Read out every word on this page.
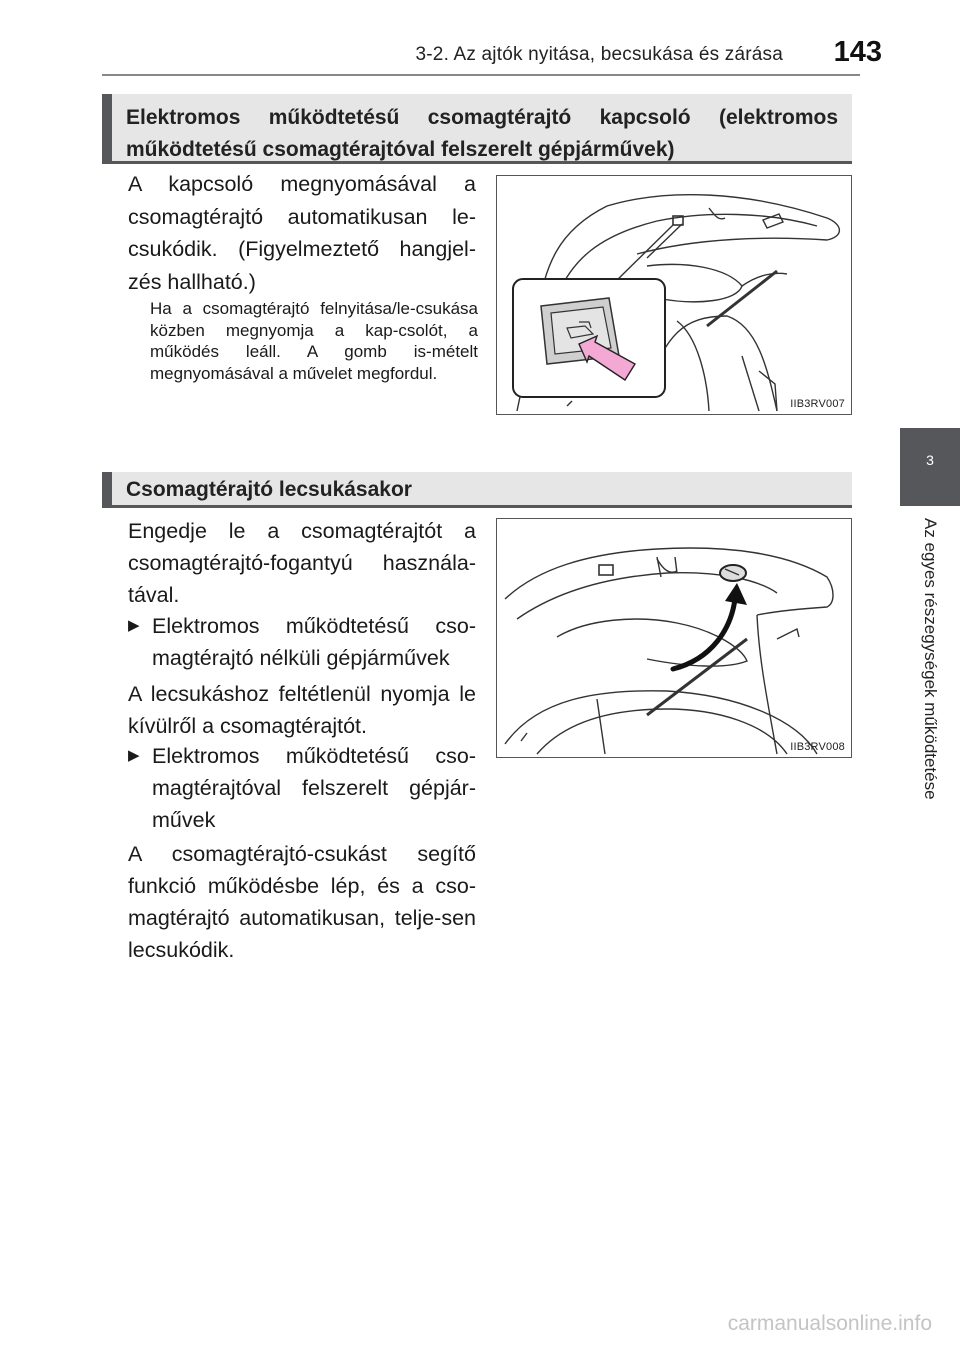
3-2. Az ajtók nyitása, becsukása és zárása	143
3
Az egyes részegységek működtetése
Elektromos működtetésű csomagtérajtó kapcsoló (elektromos működtetésű csomagtérajtóval felszerelt gépjárművek)
A kapcsoló megnyomásával a csomagtérajtó automatikusan le-csukódik. (Figyelmeztető hangjel-zés hallható.)
Ha a csomagtérajtó felnyitása/le-csukása közben megnyomja a kap-csolót, a működés leáll. A gomb is-mételt megnyomásával a művelet megfordul.
IIB3RV007
Csomagtérajtó lecsukásakor
Engedje le a csomagtérajtót a csomagtérajtó-fogantyú használa-tával.
▶ Elektromos működtetésű cso-magtérajtó nélküli gépjárművek
A lecsukáshoz feltétlenül nyomja le kívülről a csomagtérajtót.
▶ Elektromos működtetésű cso-magtérajtóval felszerelt gépjár-művek
A csomagtérajtó-csukást segítő funkció működésbe lép, és a cso-magtérajtó automatikusan, telje-sen lecsukódik.
IIB3RV008
carmanualsonline.info
